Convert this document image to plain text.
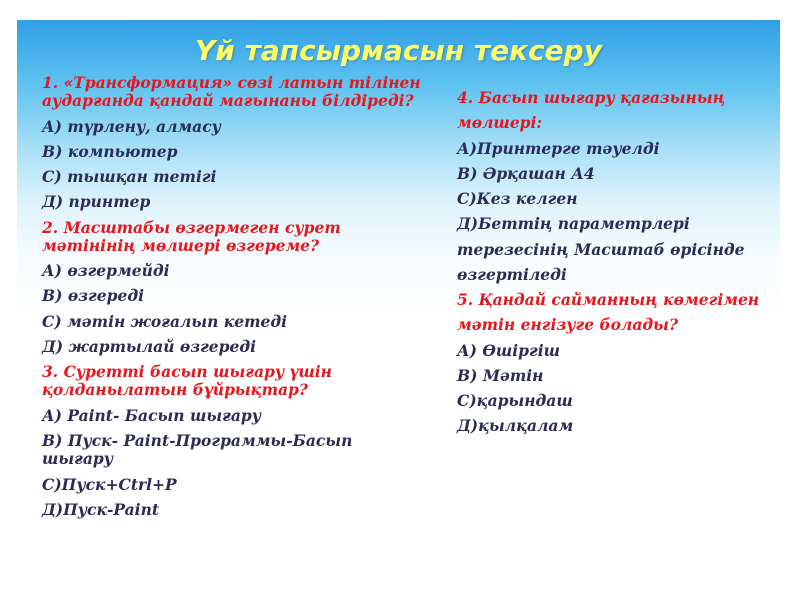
Үй тапсырмасын тексеру
1. «Трансформация» сөзі латын тілінен
аударғанда қандай мағынаны білдіреді?
А) түрлену, алмасу
В) компьютер
С) тышқан тетігі
Д) принтер
2. Масштабы өзгермеген сурет
мәтінінің мөлшері өзгереме?
А) өзгермейді
В) өзгереді
С) мәтін жоғалып кетеді
Д) жартылай өзгереді
3. Суретті басып шығару үшін
қолданылатын бұйрықтар?
А) Paint- Басып шығару
В) Пуск- Paint-Программы-Басып
шығару
С)Пуск+Ctrl+P
Д)Пуск-Paint
4. Басып шығару қағазының
мөлшері:
А)Принтерге тәуелді
В) Әрқашан А4
С)Кез келген
Д)Беттің параметрлері
терезесінің Масштаб өрісінде
өзгертіледі
5. Қандай сайманның көмегімен
мәтін енгізуге болады?
А) Өшіргіш
В) Мәтін
С)қарындаш
Д)қылқалам
